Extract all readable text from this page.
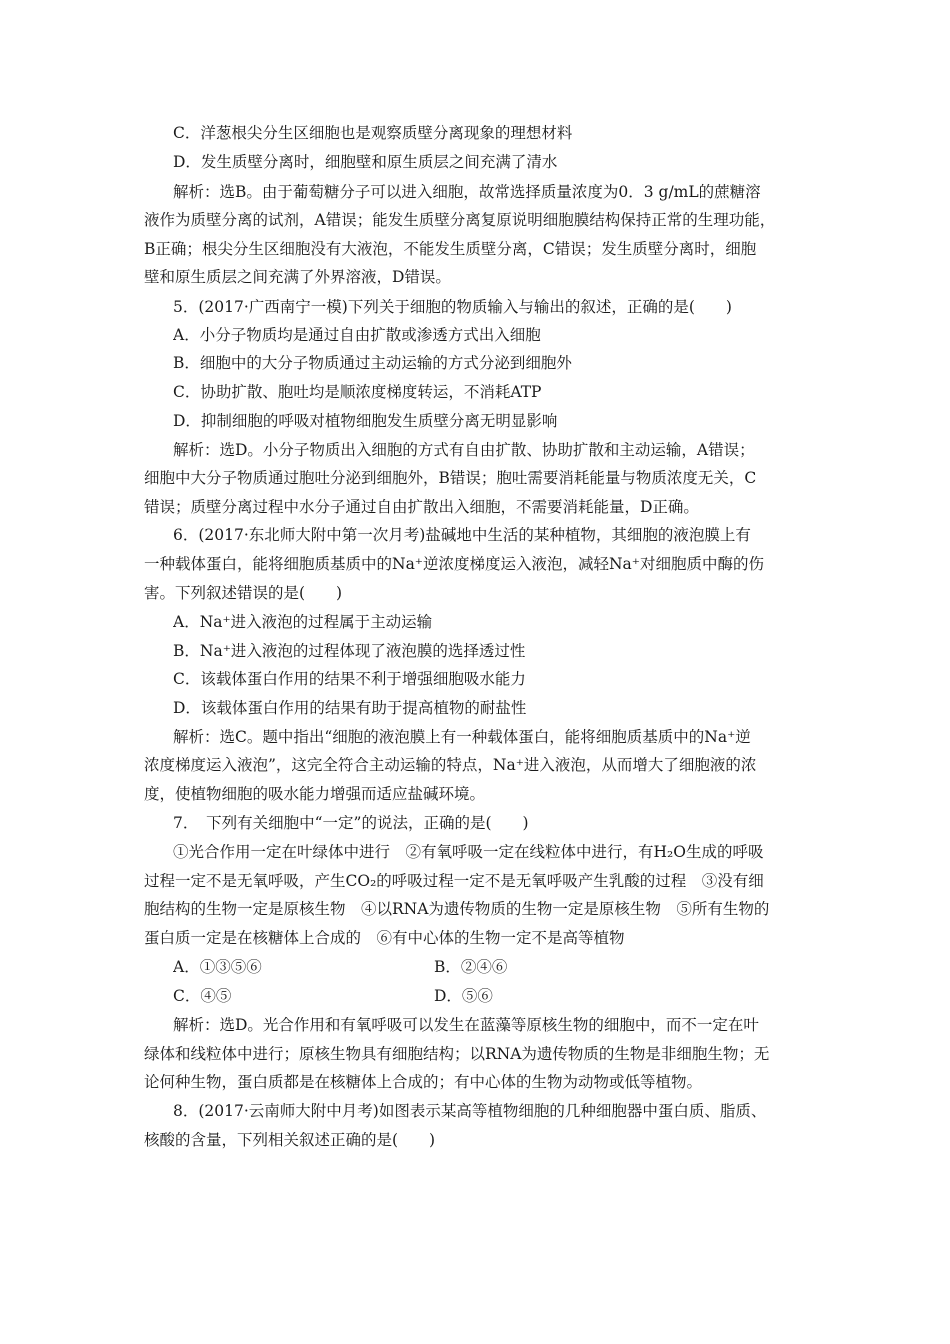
C．洋葱根尖分生区细胞也是观察质壁分离现象的理想材料
D．发生质壁分离时，细胞壁和原生质层之间充满了清水
解析：选B。由于葡萄糖分子可以进入细胞，故常选择质量浓度为0．3 g/mL的蔗糖溶
液作为质壁分离的试剂，A错误；能发生质壁分离复原说明细胞膜结构保持正常的生理功能，
B正确；根尖分生区细胞没有大液泡，不能发生质壁分离，C错误；发生质壁分离时，细胞
壁和原生质层之间充满了外界溶液，D错误。
5．(2017·广西南宁一模)下列关于细胞的物质输入与输出的叙述，正确的是(　　)
A．小分子物质均是通过自由扩散或渗透方式出入细胞
B．细胞中的大分子物质通过主动运输的方式分泌到细胞外
C．协助扩散、胞吐均是顺浓度梯度转运，不消耗ATP
D．抑制细胞的呼吸对植物细胞发生质壁分离无明显影响
解析：选D。小分子物质出入细胞的方式有自由扩散、协助扩散和主动运输，A错误；
细胞中大分子物质通过胞吐分泌到细胞外，B错误；胞吐需要消耗能量与物质浓度无关，C
错误；质壁分离过程中水分子通过自由扩散出入细胞，不需要消耗能量，D正确。
6．(2017·东北师大附中第一次月考)盐碱地中生活的某种植物，其细胞的液泡膜上有
一种载体蛋白，能将细胞质基质中的Na⁺逆浓度梯度运入液泡，减轻Na⁺对细胞质中酶的伤
害。下列叙述错误的是(　　)
A．Na⁺进入液泡的过程属于主动运输
B．Na⁺进入液泡的过程体现了液泡膜的选择透过性
C．该载体蛋白作用的结果不利于增强细胞吸水能力
D．该载体蛋白作用的结果有助于提高植物的耐盐性
解析：选C。题中指出“细胞的液泡膜上有一种载体蛋白，能将细胞质基质中的Na⁺逆
浓度梯度运入液泡”，这完全符合主动运输的特点，Na⁺进入液泡，从而增大了细胞液的浓
度，使植物细胞的吸水能力增强而适应盐碱环境。
7．　下列有关细胞中“一定”的说法，正确的是(　　)
①光合作用一定在叶绿体中进行　②有氧呼吸一定在线粒体中进行，有H₂O生成的呼吸
过程一定不是无氧呼吸，产生CO₂的呼吸过程一定不是无氧呼吸产生乳酸的过程　③没有细
胞结构的生物一定是原核生物　④以RNA为遗传物质的生物一定是原核生物　⑤所有生物的
蛋白质一定是在核糖体上合成的　⑥有中心体的生物一定不是高等植物
A．①③⑤⑥	B．②④⑥
C．④⑤	D．⑤⑥
解析：选D。光合作用和有氧呼吸可以发生在蓝藻等原核生物的细胞中，而不一定在叶
绿体和线粒体中进行；原核生物具有细胞结构；以RNA为遗传物质的生物是非细胞生物；无
论何种生物，蛋白质都是在核糖体上合成的；有中心体的生物为动物或低等植物。
8．(2017·云南师大附中月考)如图表示某高等植物细胞的几种细胞器中蛋白质、脂质、
核酸的含量，下列相关叙述正确的是(　　)
